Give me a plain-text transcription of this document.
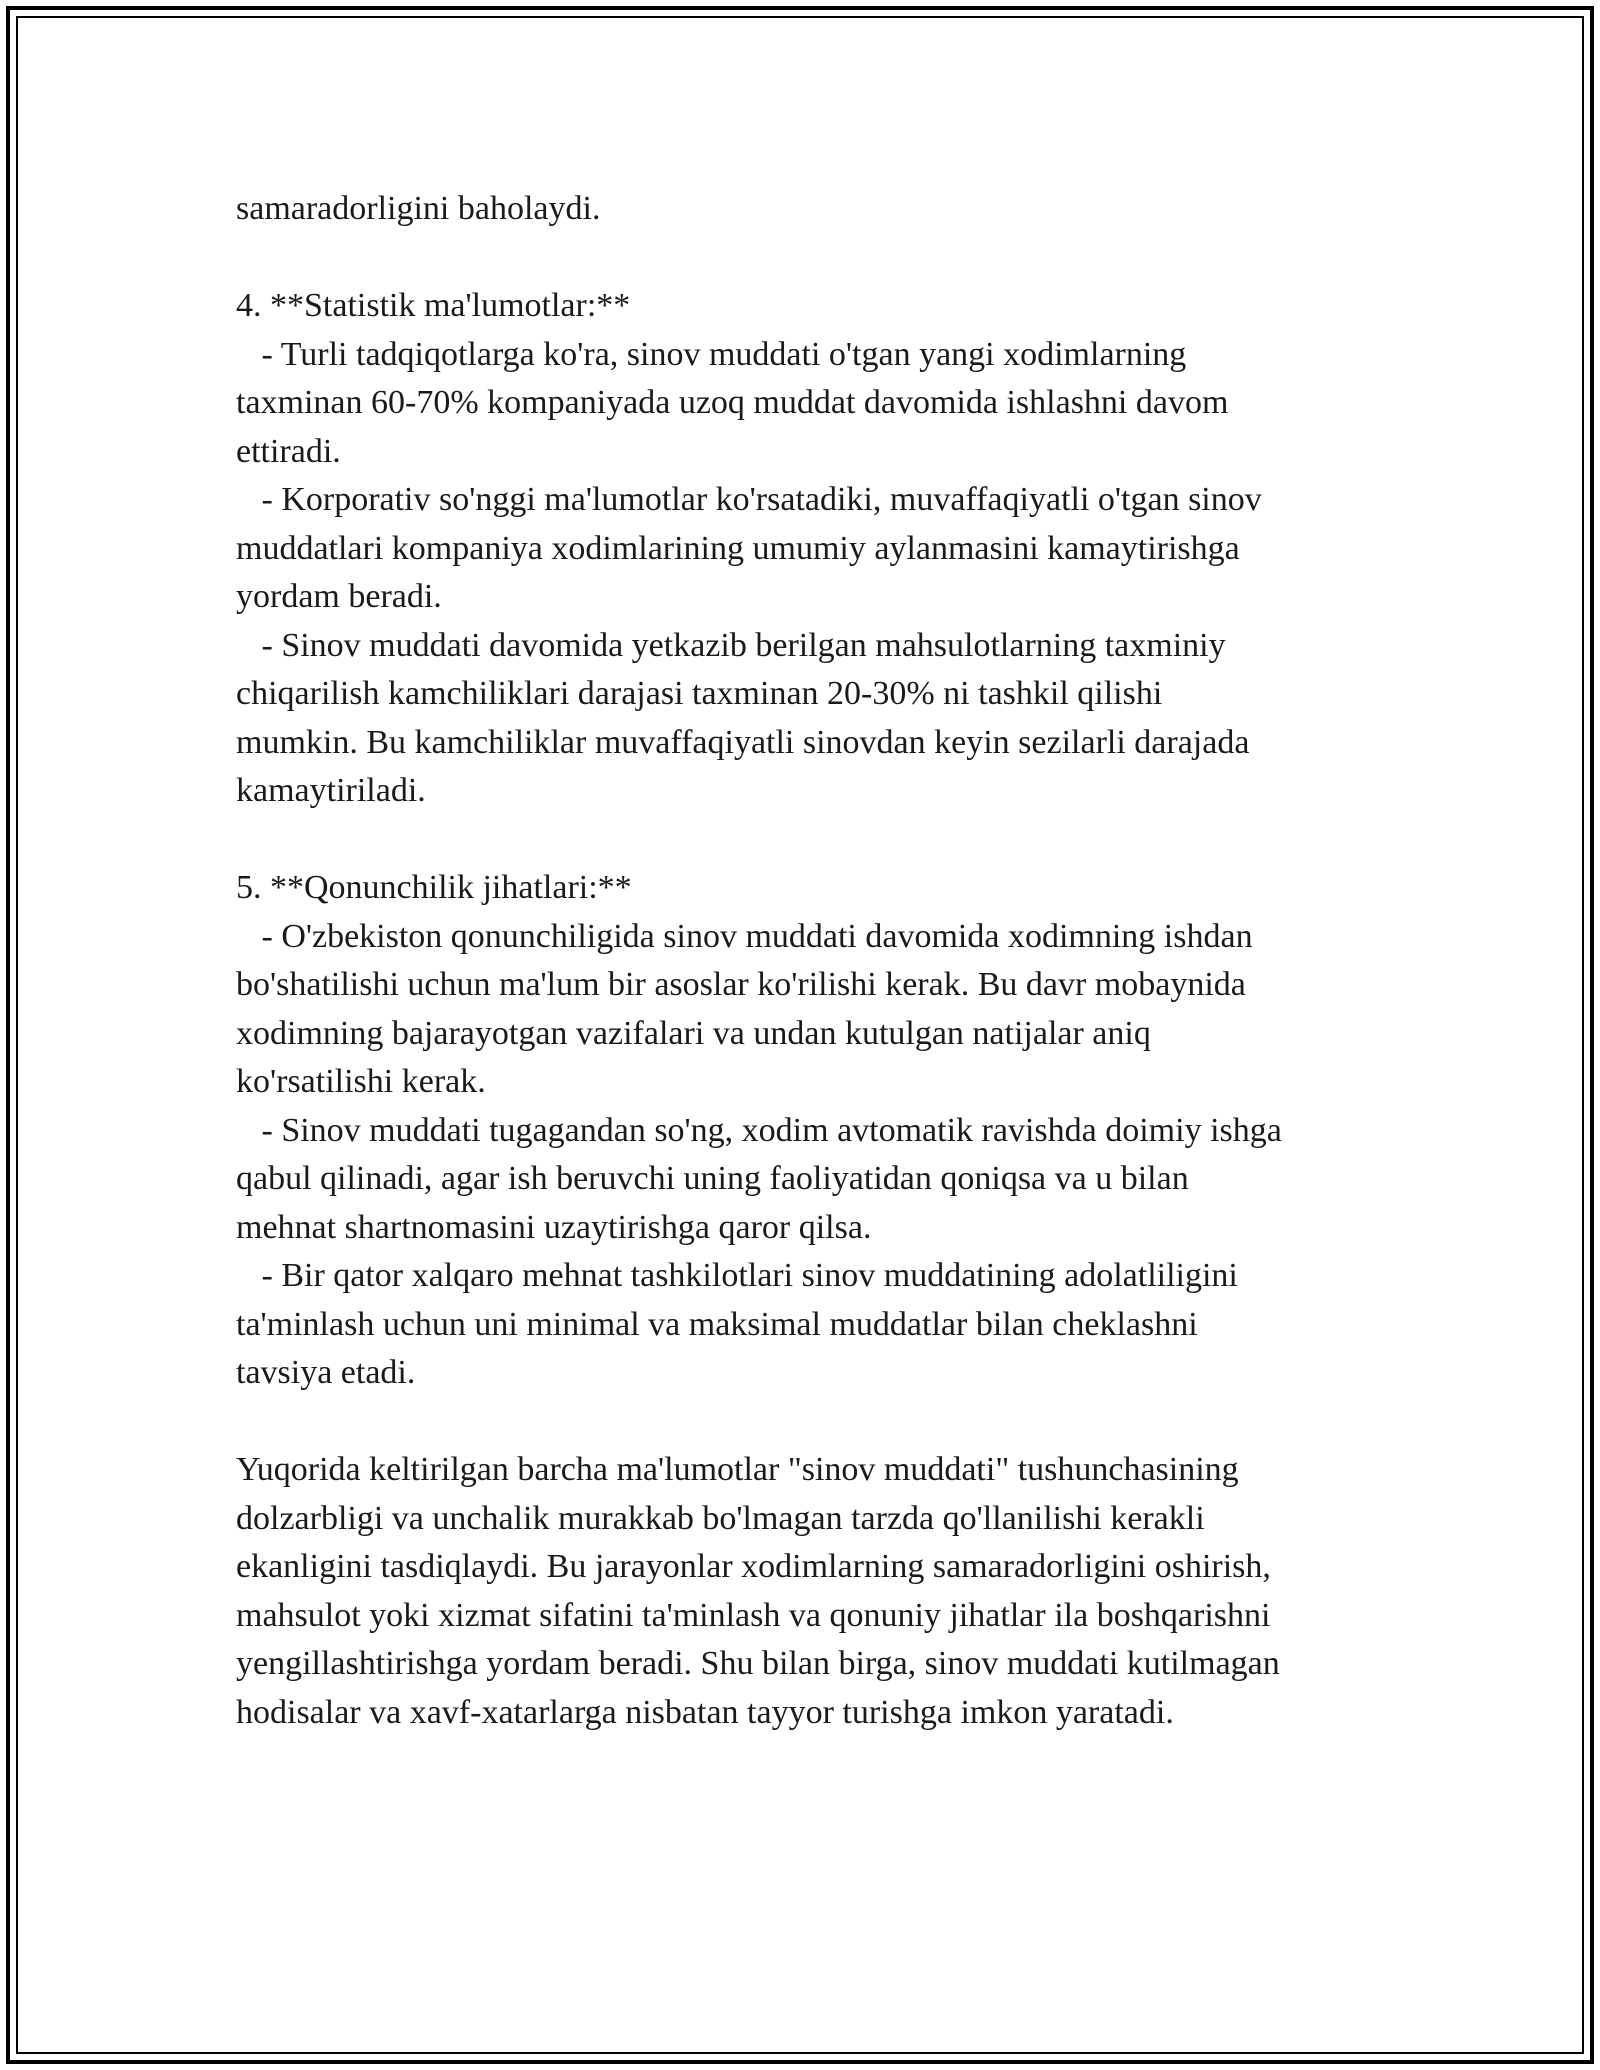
samaradorligini baholaydi.

4. **Statistik ma'lumotlar:**
- Turli tadqiqotlarga ko'ra, sinov muddati o'tgan yangi xodimlarning
taxminan 60-70% kompaniyada uzoq muddat davomida ishlashni davom
ettiradi.
- Korporativ so'nggi ma'lumotlar ko'rsatadiki, muvaffaqiyatli o'tgan sinov
muddatlari kompaniya xodimlarining umumiy aylanmasini kamaytirishga
yordam beradi.
- Sinov muddati davomida yetkazib berilgan mahsulotlarning taxminiy
chiqarilish kamchiliklari darajasi taxminan 20-30% ni tashkil qilishi
mumkin. Bu kamchiliklar muvaffaqiyatli sinovdan keyin sezilarli darajada
kamaytiriladi.

5. **Qonunchilik jihatlari:**
- O'zbekiston qonunchiligida sinov muddati davomida xodimning ishdan
bo'shatilishi uchun ma'lum bir asoslar ko'rilishi kerak. Bu davr mobaynida
xodimning bajarayotgan vazifalari va undan kutulgan natijalar aniq
ko'rsatilishi kerak.
- Sinov muddati tugagandan so'ng, xodim avtomatik ravishda doimiy ishga
qabul qilinadi, agar ish beruvchi uning faoliyatidan qoniqsa va u bilan
mehnat shartnomasini uzaytirishga qaror qilsa.
- Bir qator xalqaro mehnat tashkilotlari sinov muddatining adolatliligini
ta'minlash uchun uni minimal va maksimal muddatlar bilan cheklashni
tavsiya etadi.

Yuqorida keltirilgan barcha ma'lumotlar "sinov muddati" tushunchasining
dolzarbligi va unchalik murakkab bo'lmagan tarzda qo'llanilishi kerakli
ekanligini tasdiqlaydi. Bu jarayonlar xodimlarning samaradorligini oshirish,
mahsulot yoki xizmat sifatini ta'minlash va qonuniy jihatlar ila boshqarishni
yengillashtirishga yordam beradi. Shu bilan birga, sinov muddati kutilmagan
hodisalar va xavf-xatarlarga nisbatan tayyor turishga imkon yaratadi.
